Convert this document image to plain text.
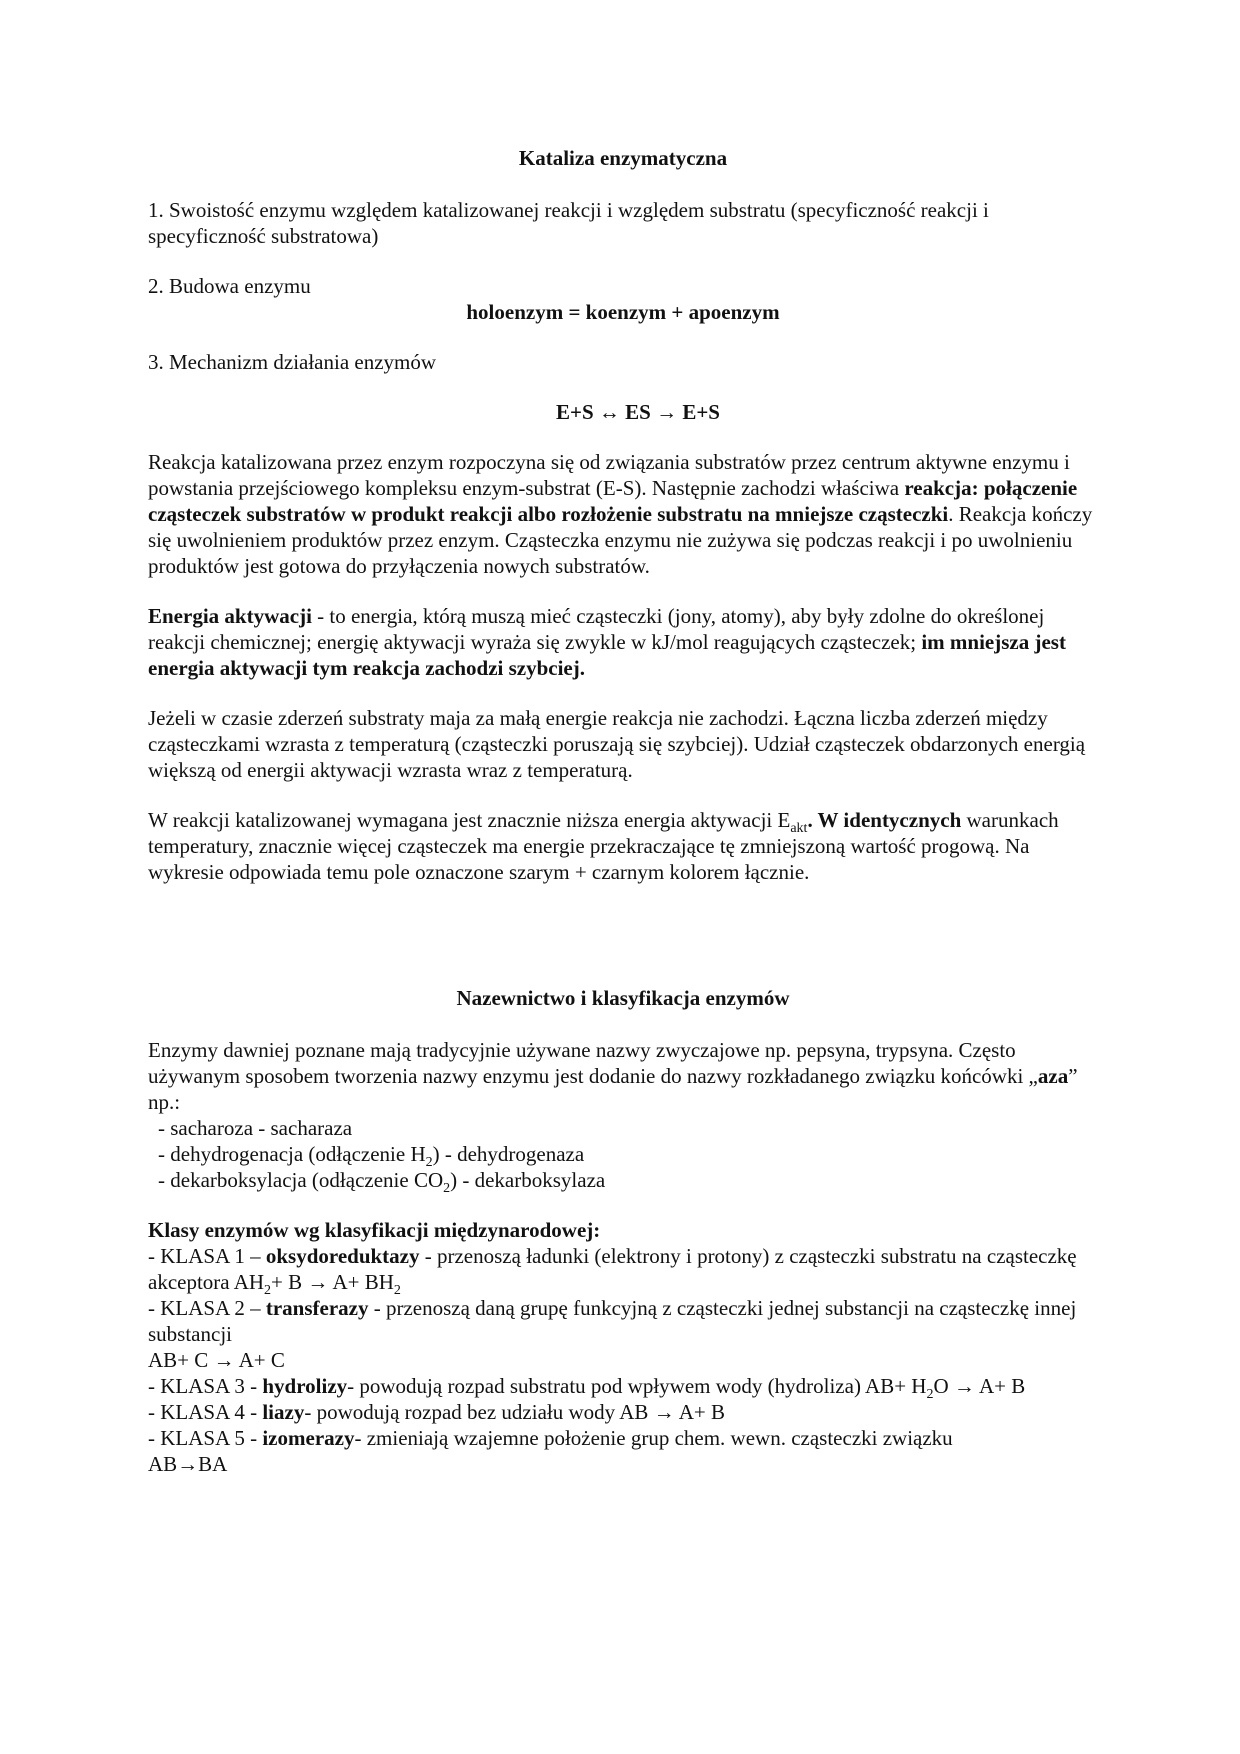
Kataliza enzymatyczna

1. Swoistość enzymu względem katalizowanej reakcji i względem substratu (specyficzność reakcji i specyficzność substratowa)

2. Budowa enzymu

holoenzym = koenzym + apoenzym

3. Mechanizm działania enzymów

E+S ↔ ES → E+S

Reakcja katalizowana przez enzym rozpoczyna się od związania substratów przez centrum aktywne enzymu i powstania przejściowego kompleksu enzym-substrat (E-S). Następnie zachodzi właściwa reakcja: połączenie cząsteczek substratów w produkt reakcji albo rozłożenie substratu na mniejsze cząsteczki. Reakcja kończy się uwolnieniem produktów przez enzym. Cząsteczka enzymu nie zużywa się podczas reakcji i po uwolnieniu produktów jest gotowa do przyłączenia nowych substratów.

Energia aktywacji - to energia, którą muszą mieć cząsteczki (jony, atomy), aby były zdolne do określonej reakcji chemicznej; energię aktywacji wyraża się zwykle w kJ/mol reagujących cząsteczek; im mniejsza jest energia aktywacji tym reakcja zachodzi szybciej.

Jeżeli w czasie zderzeń substraty maja za małą energie reakcja nie zachodzi. Łączna liczba zderzeń między cząsteczkami wzrasta z temperaturą (cząsteczki poruszają się szybciej). Udział cząsteczek obdarzonych energią większą od energii aktywacji wzrasta wraz z temperaturą.

W reakcji katalizowanej wymagana jest znacznie niższa energia aktywacji $E_{akt}$. W identycznych warunkach temperatury, znacznie więcej cząsteczek ma energie przekraczające tę zmniejszoną wartość progową. Na wykresie odpowiada temu pole oznaczone szarym + czarnym kolorem łącznie.

Nazewnictwo i klasyfikacja enzymów

Enzymy dawniej poznane mają tradycyjnie używane nazwy zwyczajowe np. pepsyna, trypsyna. Często używanym sposobem tworzenia nazwy enzymu jest dodanie do nazwy rozkładanego związku końcówki „aza” np.:

- sacharoza - sacharaza

- dehydrogenacja (odłączenie $H_2$) - dehydrogenaza

- dekarboksylacja (odłączenie $CO_2$) - dekarboksylaza

Klasy enzymów wg klasyfikacji międzynarodowej:

- KLASA 1 – oksydoreduktazy - przenoszą ładunki (elektrony i protony) z cząsteczki substratu na cząsteczkę akceptora $AH_2+ B \to A+ BH_2$

- KLASA 2 – transferazy - przenoszą daną grupę funkcyjną z cząsteczki jednej substancji na cząsteczkę innej substancji

AB+ C → A+ C

- KLASA 3 - hydrolizy- powodują rozpad substratu pod wpływem wody (hydroliza) $AB+ H_2O \to A+ B$

- KLASA 4 - liazy- powodują rozpad bez udziału wody AB → A+ B

- KLASA 5 - izomerazy- zmieniają wzajemne położenie grup chem. wewn. cząsteczki związku

AB→BA
